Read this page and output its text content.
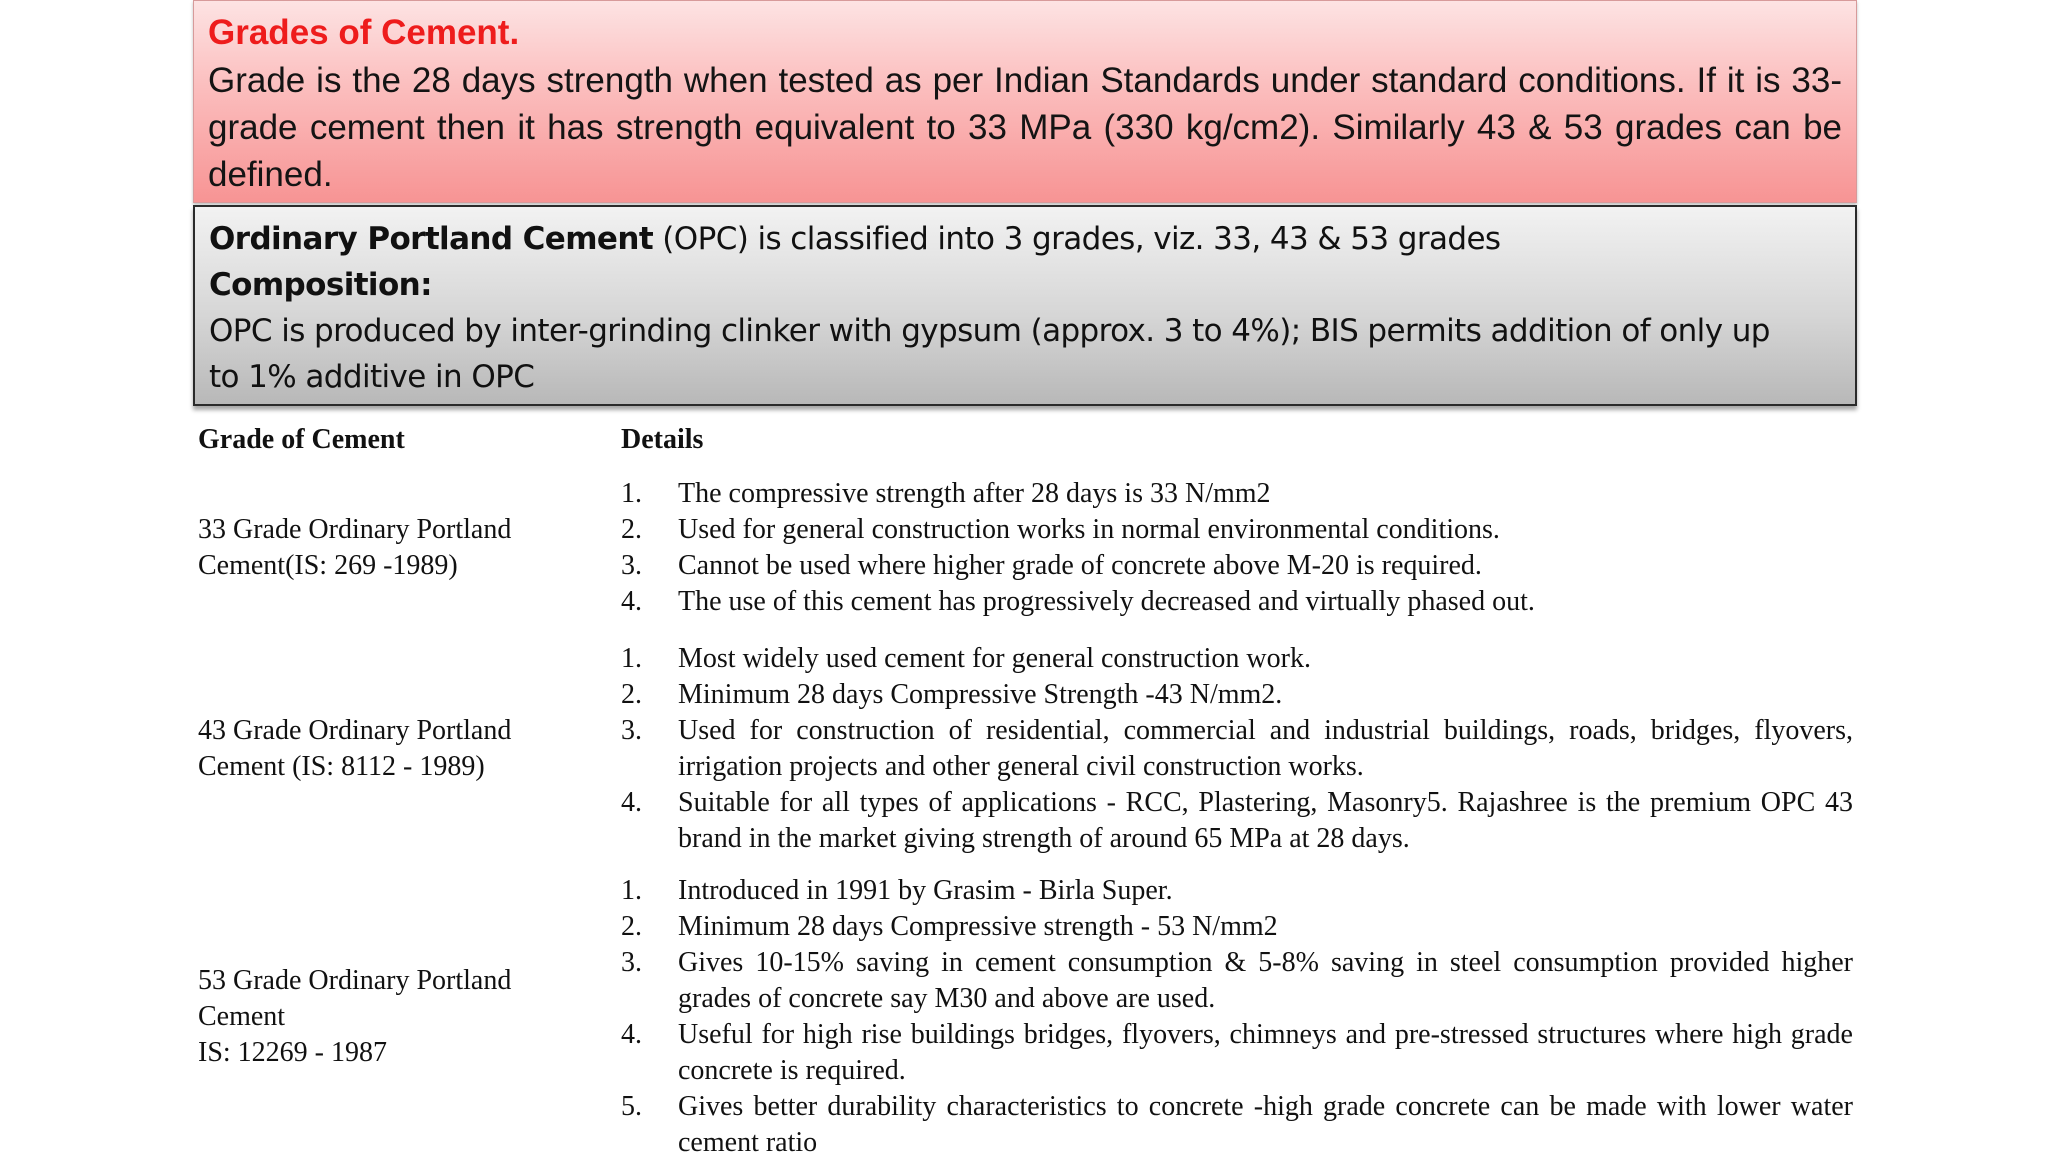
Grades of Cement.
Grade is the 28 days strength when tested as per Indian Standards under standard conditions. If it is 33-grade cement then it has strength equivalent to 33 MPa (330 kg/cm2). Similarly 43 & 53 grades can be defined.
Ordinary Portland Cement (OPC) is classified into 3 grades, viz. 33, 43 & 53 grades
Composition:
OPC is produced by inter-grinding clinker with gypsum (approx. 3 to 4%); BIS permits addition of only up
to 1% additive in OPC
Grade of Cement	Details
33 Grade Ordinary Portland
Cement(IS: 269 -1989)
1. The compressive strength after 28 days is 33 N/mm2
2. Used for general construction works in normal environmental conditions.
3. Cannot be used where higher grade of concrete above M-20 is required.
4. The use of this cement has progressively decreased and virtually phased out.
43 Grade Ordinary Portland
Cement (IS: 8112 - 1989)
1. Most widely used cement for general construction work.
2. Minimum 28 days Compressive Strength -43 N/mm2.
3. Used for construction of residential, commercial and industrial buildings, roads, bridges, flyovers, irrigation projects and other general civil construction works.
4. Suitable for all types of applications - RCC, Plastering, Masonry5. Rajashree is the premium OPC 43 brand in the market giving strength of around 65 MPa at 28 days.
53 Grade Ordinary Portland
Cement
IS: 12269 - 1987
1. Introduced in 1991 by Grasim - Birla Super.
2. Minimum 28 days Compressive strength - 53 N/mm2
3. Gives 10-15% saving in cement consumption & 5-8% saving in steel consumption provided higher grades of concrete say M30 and above are used.
4. Useful for high rise buildings bridges, flyovers, chimneys and pre-stressed structures where high grade concrete is required.
5. Gives better durability characteristics to concrete -high grade concrete can be made with lower water cement ratio
